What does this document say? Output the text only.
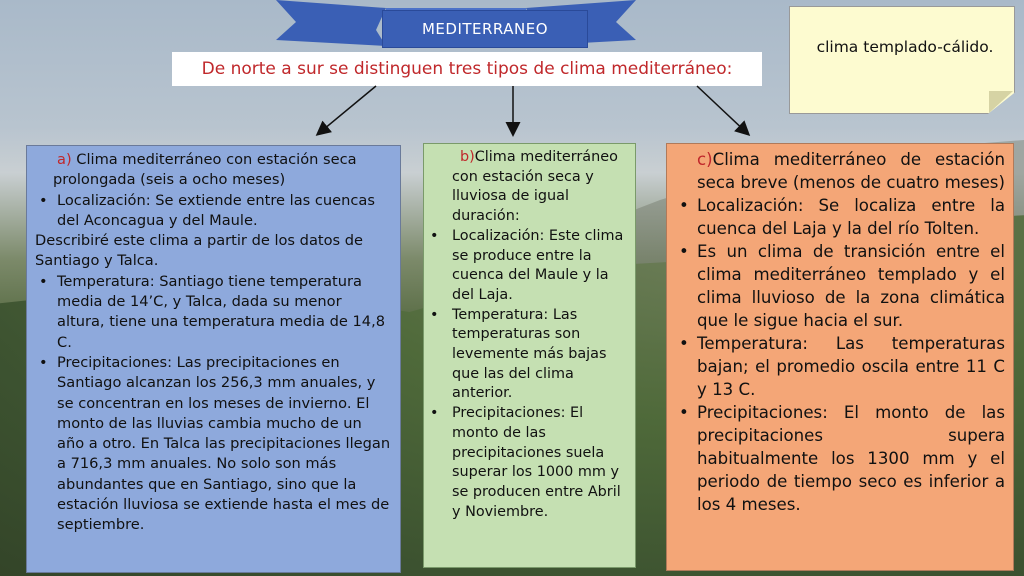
MEDITERRANEO
De norte a sur se distinguen tres tipos de clima mediterráneo:
clima templado-cálido.

a) Clima mediterráneo con estación seca

prolongada (seis a ocho meses)

• Localización: Se extiende entre las cuencas del Aconcagua y del Maule.

Describiré este clima a partir de los datos de Santiago y Talca.

• Temperatura: Santiago tiene temperatura media de 14’C, y Talca, dada su menor altura, tiene una temperatura media de 14,8 C.
• Precipitaciones: Las precipitaciones en Santiago alcanzan los 256,3 mm anuales, y se concentran en los meses de invierno. El monto de las lluvias cambia mucho de un año a otro. En Talca las precipitaciones llegan a 716,3 mm anuales. No solo son más abundantes que en Santiago, sino que la estación lluviosa se extiende hasta el mes de septiembre.

b)Clima mediterráneo con estación seca y lluviosa de igual duración:

• Localización: Este clima se produce entre la cuenca del Maule y la del Laja.
• Temperatura: Las temperaturas son levemente más bajas que las del clima anterior.
• Precipitaciones: El monto de las precipitaciones suela superar los 1000 mm y se producen entre Abril y Noviembre.

c)Clima mediterráneo de estación seca breve (menos de cuatro meses)

• Localización: Se localiza entre la cuenca del Laja y la del río Tolten.
• Es un clima de transición entre el clima mediterráneo templado y el clima lluvioso de la zona climática que le sigue hacia el sur.
• Temperatura: Las temperaturas bajan; el promedio oscila entre 11 C y 13 C.
• Precipitaciones: El monto de las precipitaciones supera habitualmente los 1300 mm y el periodo de tiempo seco es inferior a los 4 meses.
